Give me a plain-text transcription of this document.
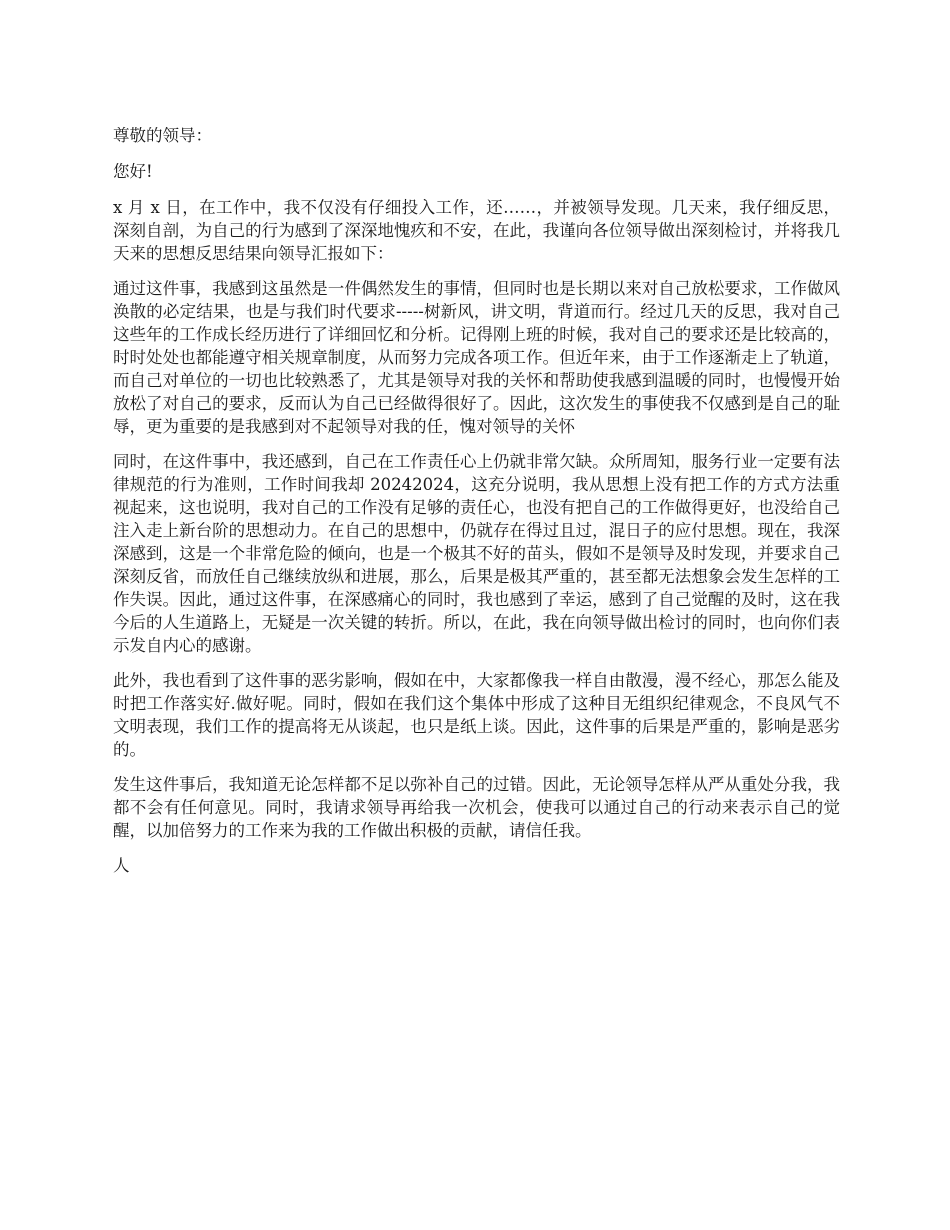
尊敬的领导：

您好!

x 月 x 日，在工作中，我不仅没有仔细投入工作，还……，并被领导发现。几天来，我仔细反思，深刻自剖，为自己的行为感到了深深地愧疚和不安，在此，我谨向各位领导做出深刻检讨，并将我几天来的思想反思结果向领导汇报如下：

通过这件事，我感到这虽然是一件偶然发生的事情，但同时也是长期以来对自己放松要求，工作做风涣散的必定结果，也是与我们时代要求-----树新风，讲文明，背道而行。经过几天的反思，我对自己这些年的工作成长经历进行了详细回忆和分析。记得刚上班的时候，我对自己的要求还是比较高的，时时处处也都能遵守相关规章制度，从而努力完成各项工作。但近年来，由于工作逐渐走上了轨道，而自己对单位的一切也比较熟悉了，尤其是领导对我的关怀和帮助使我感到温暖的同时，也慢慢开始放松了对自己的要求，反而认为自己已经做得很好了。因此，这次发生的事使我不仅感到是自己的耻辱，更为重要的是我感到对不起领导对我的任，愧对领导的关怀

同时，在这件事中，我还感到，自己在工作责任心上仍就非常欠缺。众所周知，服务行业一定要有法律规范的行为准则，工作时间我却 20242024，这充分说明，我从思想上没有把工作的方式方法重视起来，这也说明，我对自己的工作没有足够的责任心，也没有把自己的工作做得更好，也没给自己注入走上新台阶的思想动力。在自己的思想中，仍就存在得过且过，混日子的应付思想。现在，我深深感到，这是一个非常危险的倾向，也是一个极其不好的苗头，假如不是领导及时发现，并要求自己深刻反省，而放任自己继续放纵和进展，那么，后果是极其严重的，甚至都无法想象会发生怎样的工作失误。因此，通过这件事，在深感痛心的同时，我也感到了幸运，感到了自己觉醒的及时，这在我今后的人生道路上，无疑是一次关键的转折。所以，在此，我在向领导做出检讨的同时，也向你们表示发自内心的感谢。

此外，我也看到了这件事的恶劣影响，假如在中，大家都像我一样自由散漫，漫不经心，那怎么能及时把工作落实好.做好呢。同时，假如在我们这个集体中形成了这种目无组织纪律观念，不良风气不文明表现，我们工作的提高将无从谈起，也只是纸上谈。因此，这件事的后果是严重的，影响是恶劣的。

发生这件事后，我知道无论怎样都不足以弥补自己的过错。因此，无论领导怎样从严从重处分我，我都不会有任何意见。同时，我请求领导再给我一次机会，使我可以通过自己的行动来表示自己的觉醒，以加倍努力的工作来为我的工作做出积极的贡献，请信任我。

人
